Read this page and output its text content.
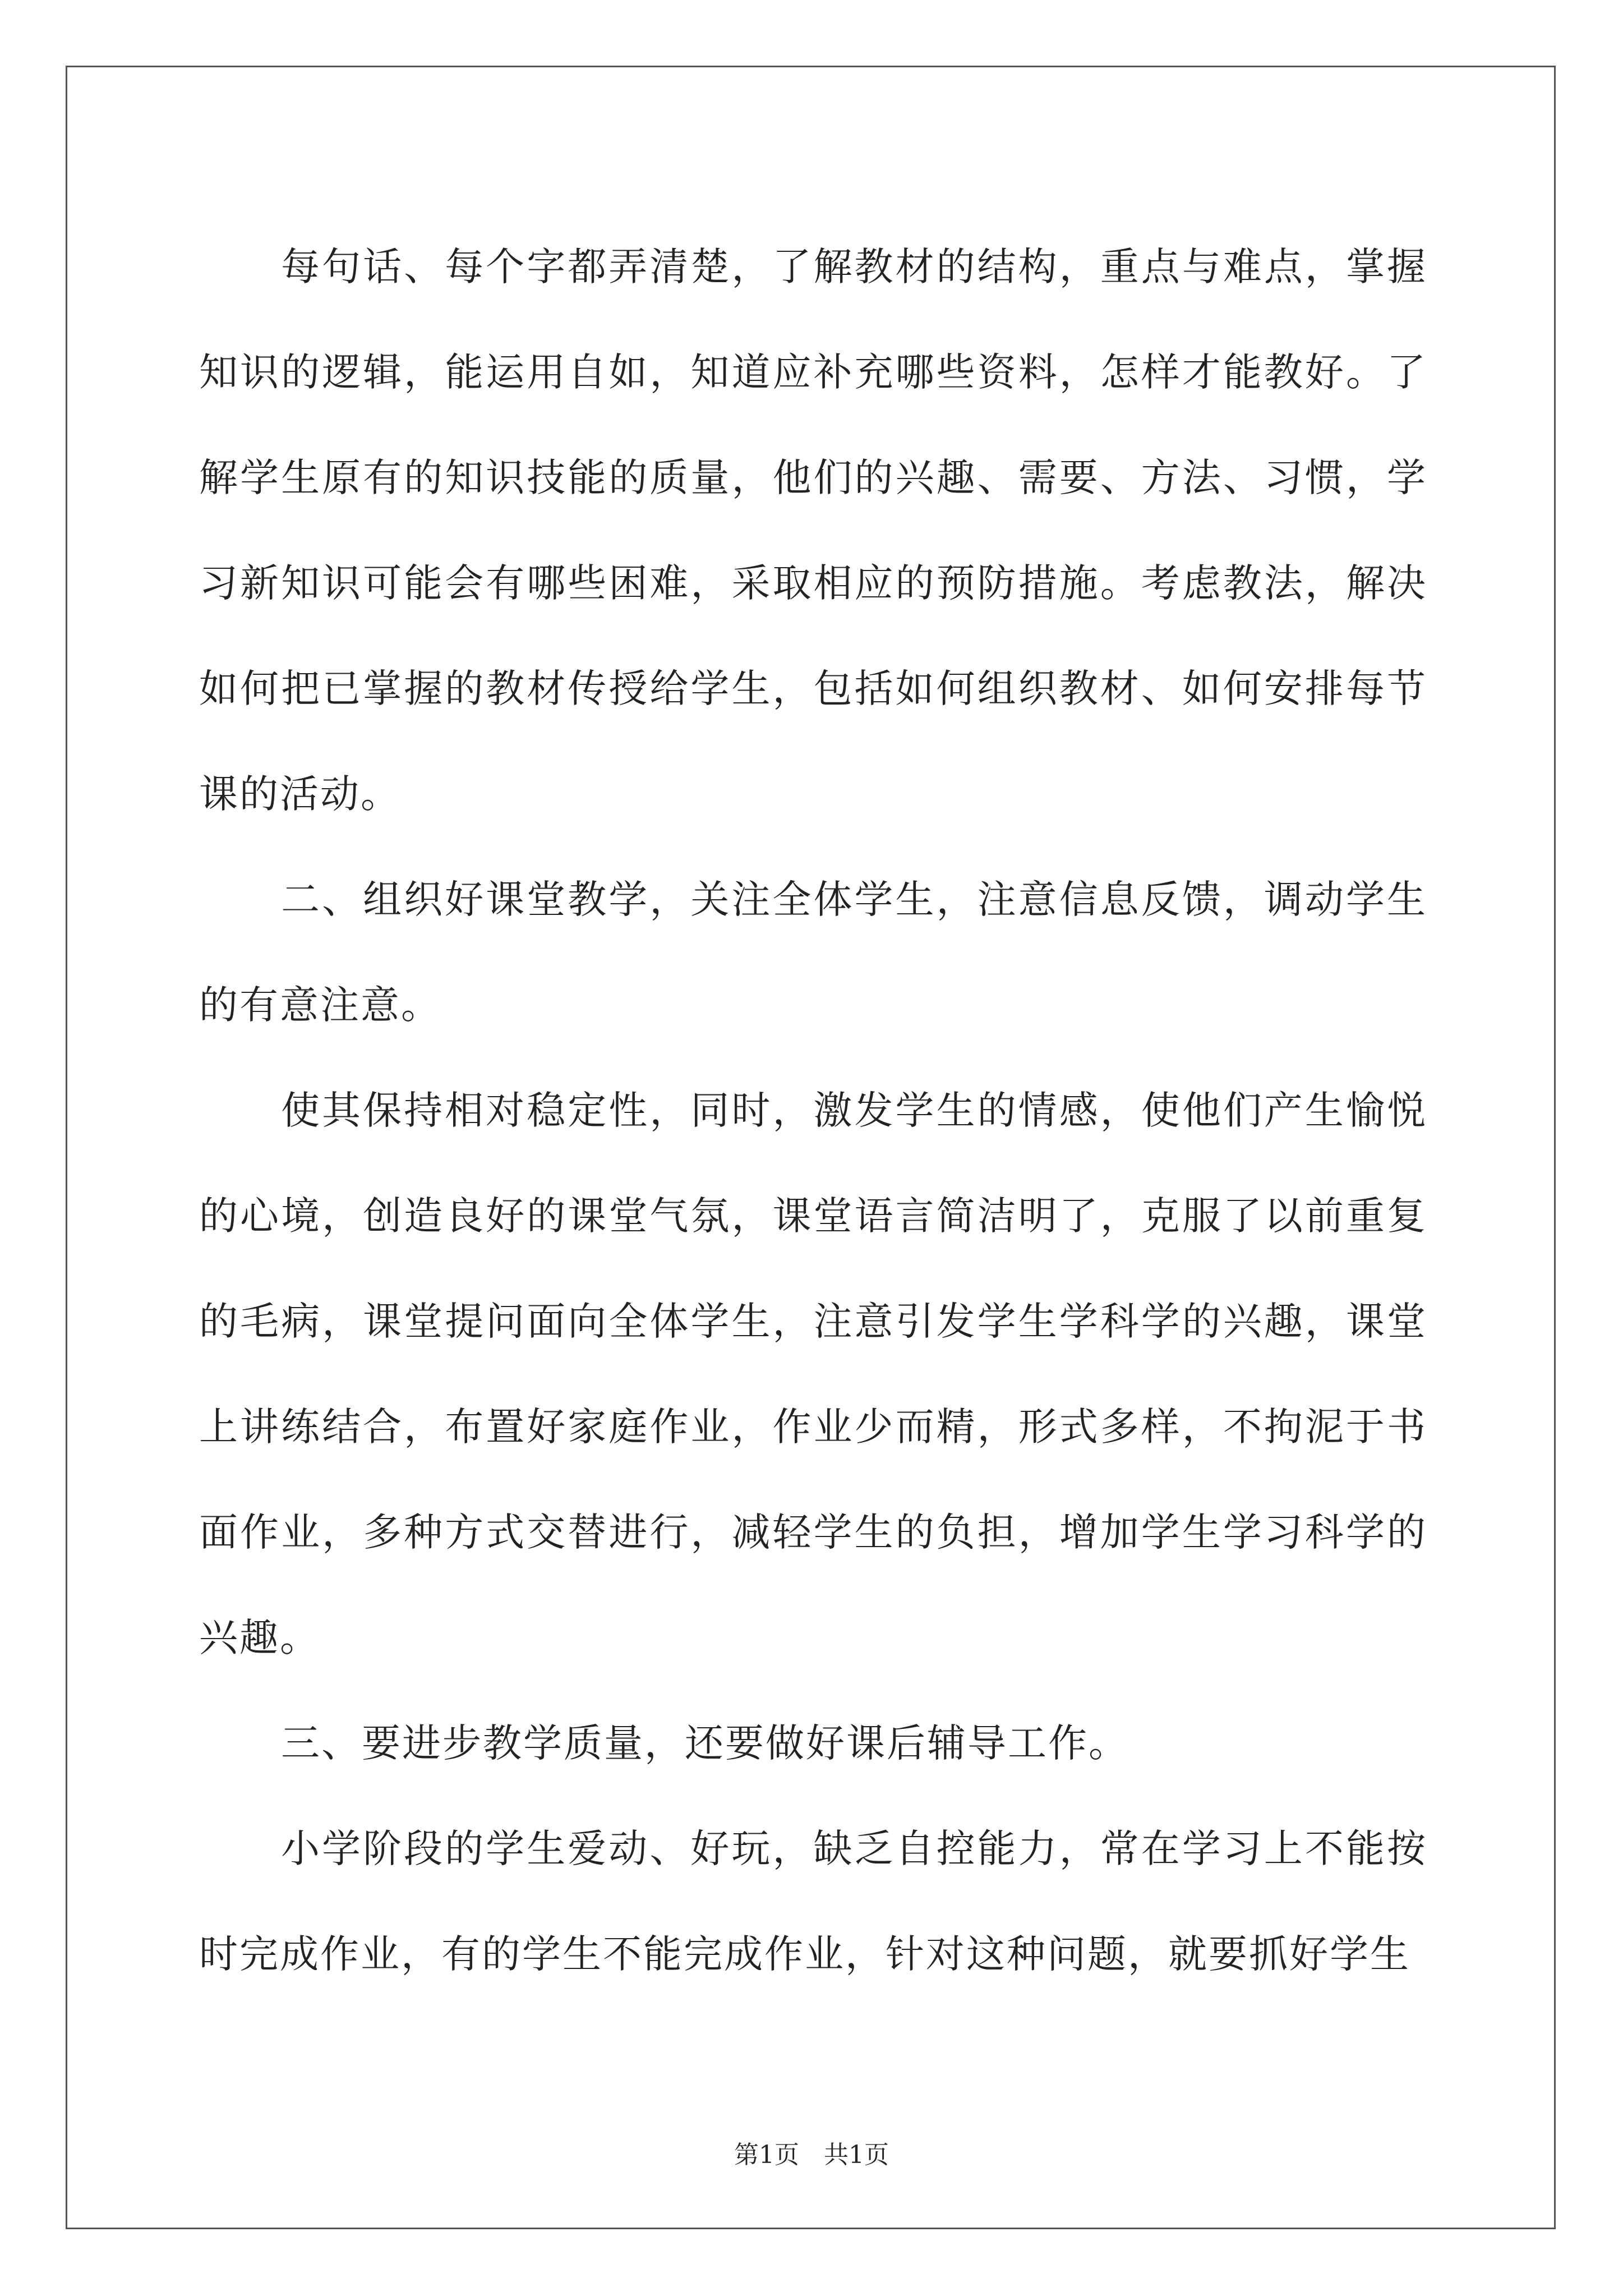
每句话、每个字都弄清楚，了解教材的结构，重点与难点，掌握知识的逻辑，能运用自如，知道应补充哪些资料，怎样才能教好。了解学生原有的知识技能的质量，他们的兴趣、需要、方法、习惯，学习新知识可能会有哪些困难，采取相应的预防措施。考虑教法，解决如何把已掌握的教材传授给学生，包括如何组织教材、如何安排每节课的活动。

二、组织好课堂教学，关注全体学生，注意信息反馈，调动学生的有意注意。

使其保持相对稳定性，同时，激发学生的情感，使他们产生愉悦的心境，创造良好的课堂气氛，课堂语言简洁明了，克服了以前重复的毛病，课堂提问面向全体学生，注意引发学生学科学的兴趣，课堂上讲练结合，布置好家庭作业，作业少而精，形式多样，不拘泥于书面作业，多种方式交替进行，减轻学生的负担，增加学生学习科学的兴趣。

三、要进步教学质量，还要做好课后辅导工作。

小学阶段的学生爱动、好玩，缺乏自控能力，常在学习上不能按时完成作业，有的学生不能完成作业，针对这种问题，就要抓好学生

第1页　共1页
